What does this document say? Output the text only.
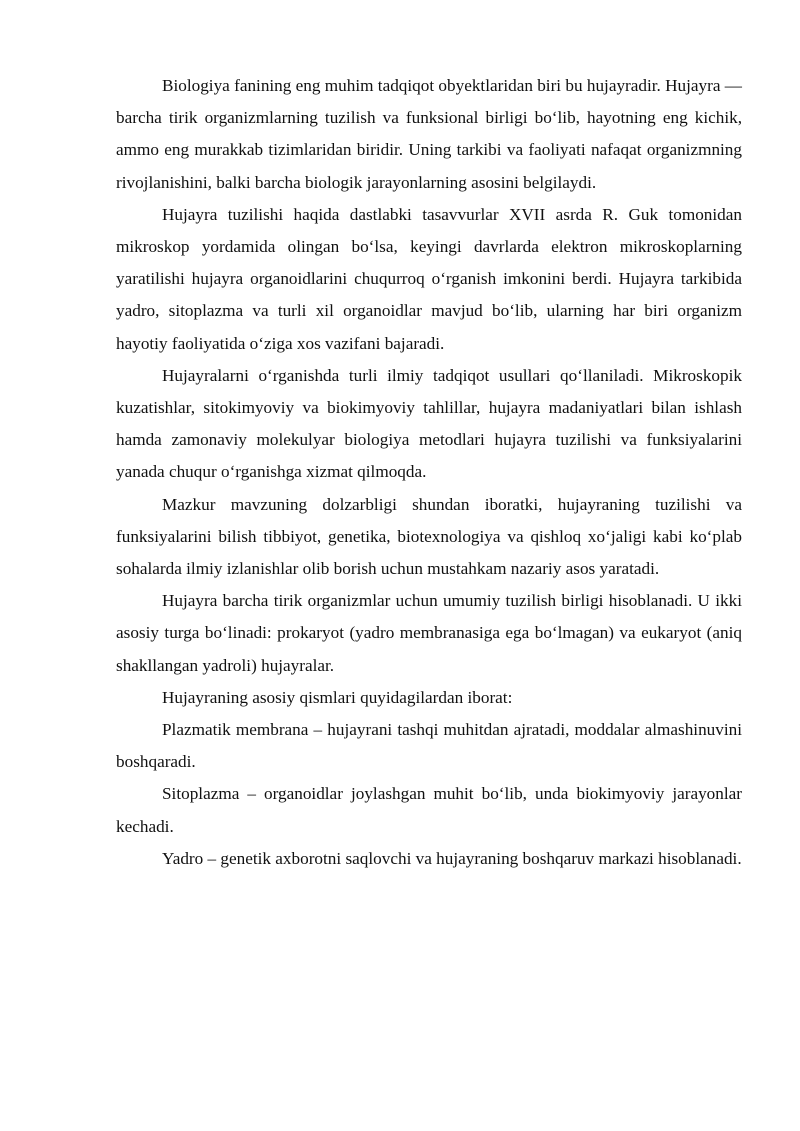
Biologiya fanining eng muhim tadqiqot obyektlaridan biri bu hujayradir. Hujayra — barcha tirik organizmlarning tuzilish va funksional birligi bo‘lib, hayotning eng kichik, ammo eng murakkab tizimlaridan biridir. Uning tarkibi va faoliyati nafaqat organizmning rivojlanishini, balki barcha biologik jarayonlarning asosini belgilaydi.

Hujayra tuzilishi haqida dastlabki tasavvurlar XVII asrda R. Guk tomonidan mikroskop yordamida olingan bo‘lsa, keyingi davrlarda elektron mikroskoplarning yaratilishi hujayra organoidlarini chuqurroq o‘rganish imkonini berdi. Hujayra tarkibida yadro, sitoplazma va turli xil organoidlar mavjud bo‘lib, ularning har biri organizm hayotiy faoliyatida o‘ziga xos vazifani bajaradi.

Hujayralarni o‘rganishda turli ilmiy tadqiqot usullari qo‘llaniladi. Mikroskopik kuzatishlar, sitokimyoviy va biokimyoviy tahlillar, hujayra madaniyatlari bilan ishlash hamda zamonaviy molekulyar biologiya metodlari hujayra tuzilishi va funksiyalarini yanada chuqur o‘rganishga xizmat qilmoqda.

Mazkur mavzuning dolzarbligi shundan iboratki, hujayraning tuzilishi va funksiyalarini bilish tibbiyot, genetika, biotexnologiya va qishloq xo‘jaligi kabi ko‘plab sohalarda ilmiy izlanishlar olib borish uchun mustahkam nazariy asos yaratadi.

Hujayra barcha tirik organizmlar uchun umumiy tuzilish birligi hisoblanadi. U ikki asosiy turga bo‘linadi: prokaryot (yadro membranasiga ega bo‘lmagan) va eukaryot (aniq shakllangan yadroli) hujayralar.

Hujayraning asosiy qismlari quyidagilardan iborat:

Plazmatik membrana – hujayrani tashqi muhitdan ajratadi, moddalar almashinuvini boshqaradi.

Sitoplazma – organoidlar joylashgan muhit bo‘lib, unda biokimyoviy jarayonlar kechadi.

Yadro – genetik axborotni saqlovchi va hujayraning boshqaruv markazi hisoblanadi.
